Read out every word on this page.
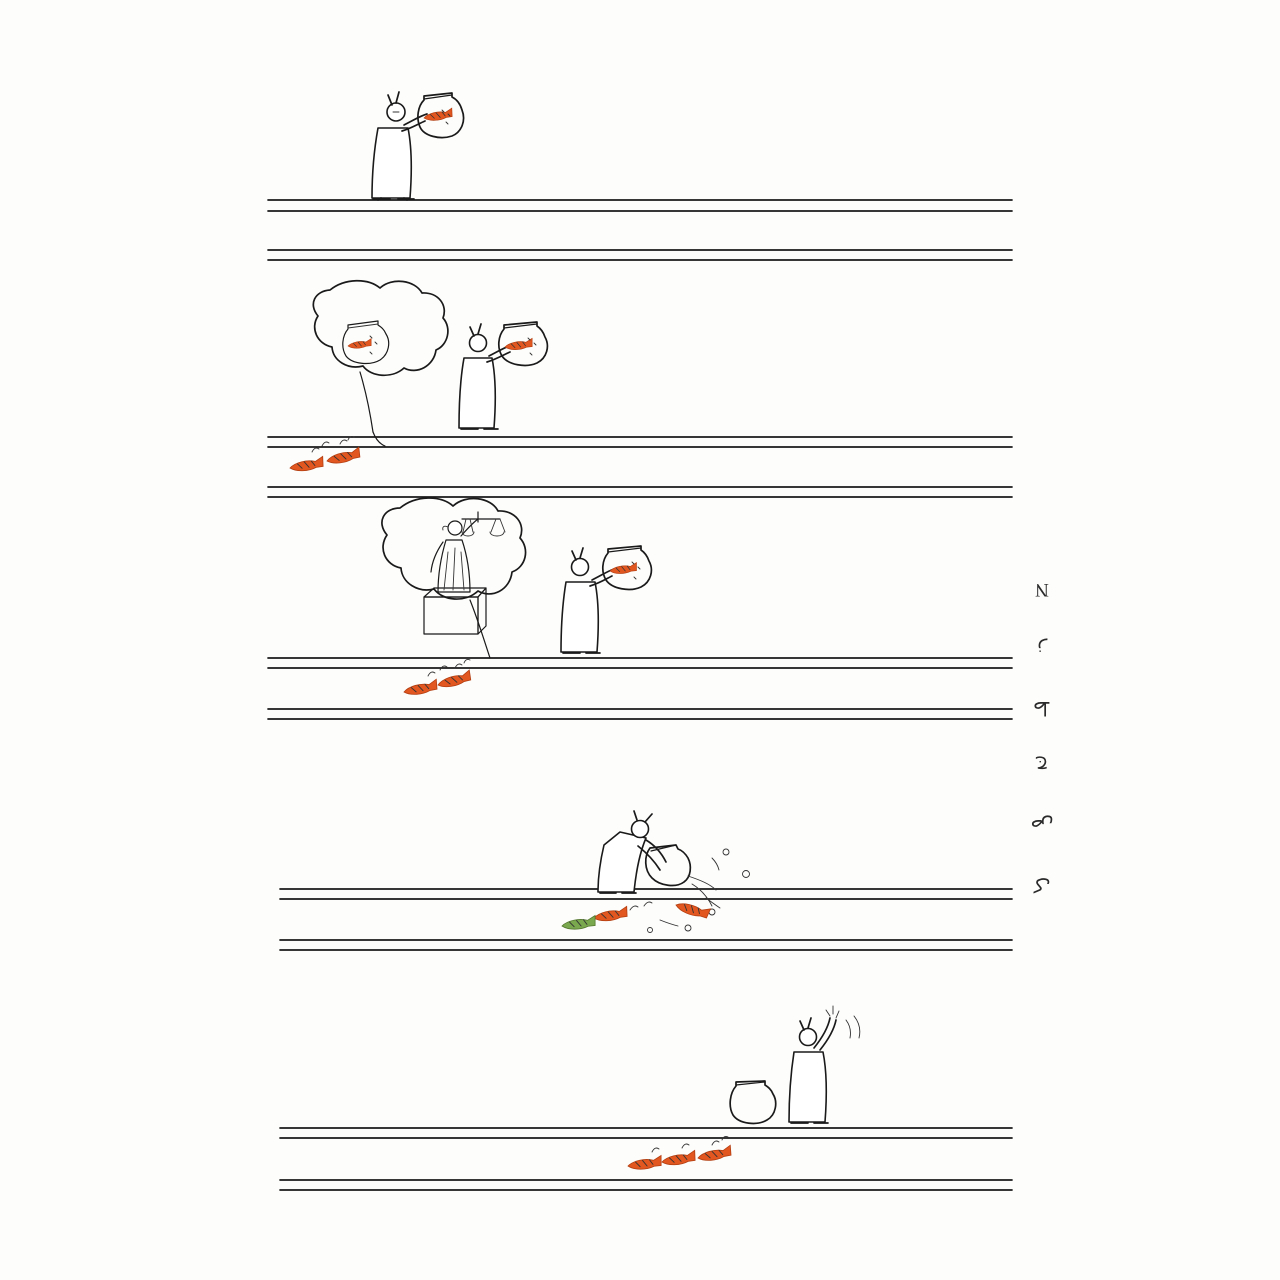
N
ز
ط
ج
ص
ک
